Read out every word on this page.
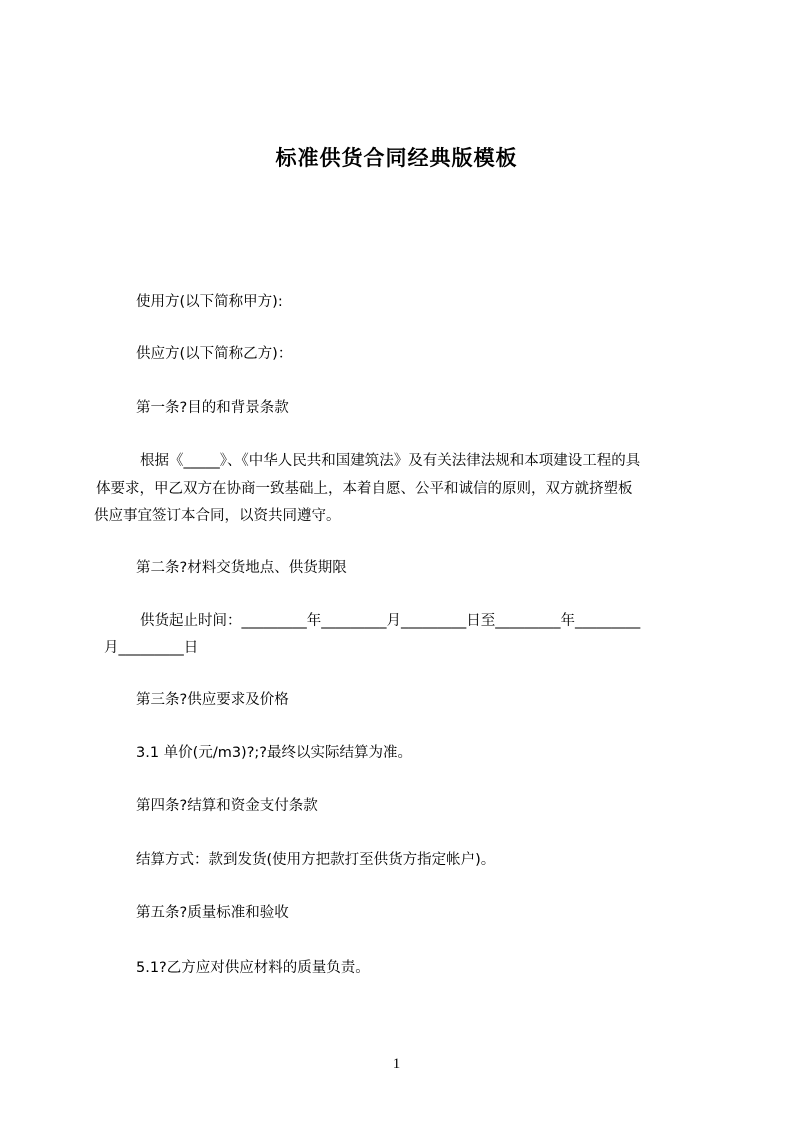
标准供货合同经典版模板
使用方(以下简称甲方):
供应方(以下简称乙方)：
第一条?目的和背景条款
根据《_____》、《中华人民共和国建筑法》及有关法律法规和本项建设工程的具
体要求，甲乙双方在协商一致基础上，本着自愿、公平和诚信的原则，双方就挤塑板
供应事宜签订本合同，以资共同遵守。
第二条?材料交货地点、供货期限
供货起止时间：_________年_________月_________日至_________年_________
月_________日
第三条?供应要求及价格
3.1 单价(元/m3)?;?最终以实际结算为准。
第四条?结算和资金支付条款
结算方式：款到发货(使用方把款打至供货方指定帐户)。
第五条?质量标准和验收
5.1?乙方应对供应材料的质量负责。
1
